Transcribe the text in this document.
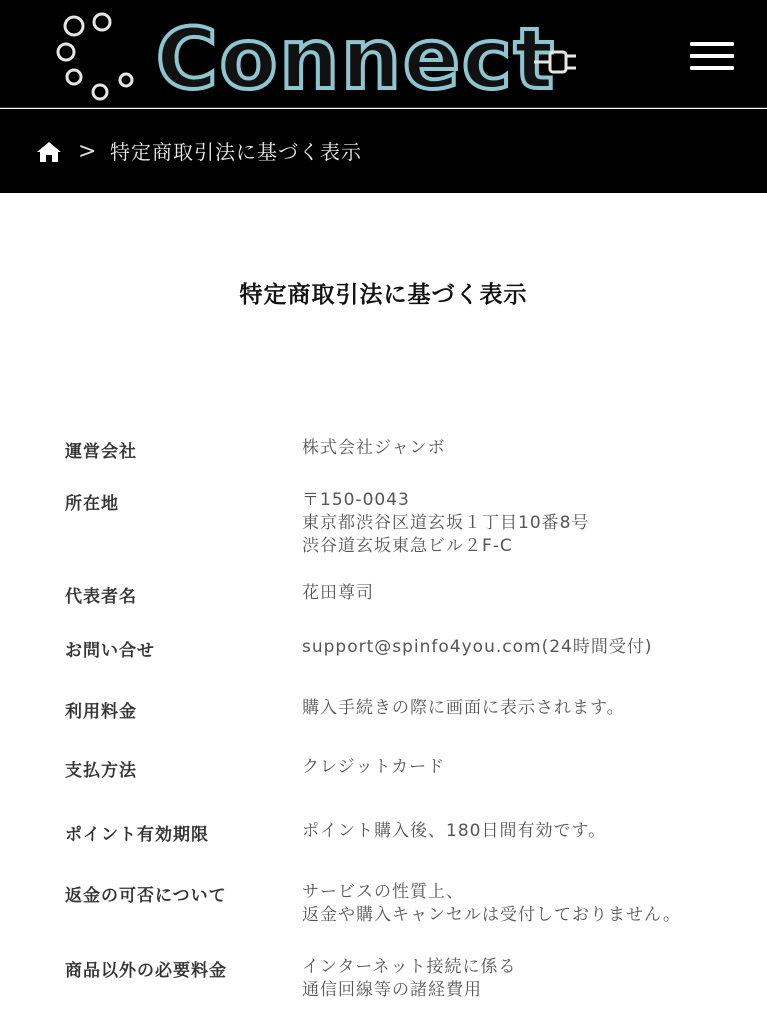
Connect
> 特定商取引法に基づく表示
特定商取引法に基づく表示
運営会社	株式会社ジャンボ
所在地	〒150-0043
東京都渋谷区道玄坂１丁目10番8号
渋谷道玄坂東急ビル２F-C
代表者名	花田尊司
お問い合せ	support@spinfo4you.com(24時間受付)
利用料金	購入手続きの際に画面に表示されます。
支払方法	クレジットカード
ポイント有効期限	ポイント購入後、180日間有効です。
返金の可否について	サービスの性質上、
返金や購入キャンセルは受付しておりません。
商品以外の必要料金	インターネット接続に係る
通信回線等の諸経費用
